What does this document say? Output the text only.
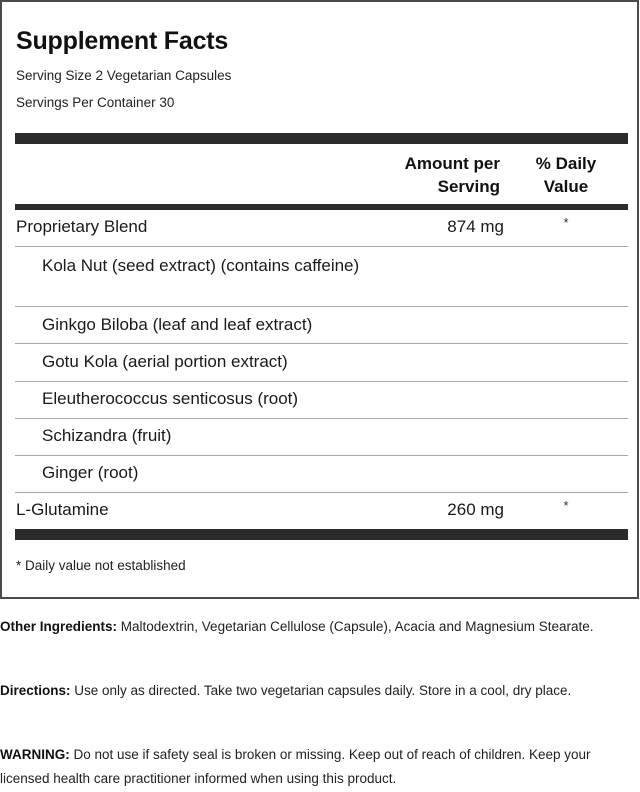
Supplement Facts
Serving Size 2 Vegetarian Capsules
Servings Per Container 30
Amount per
Serving
% Daily
Value
Proprietary Blend	874 mg	*
Kola Nut (seed extract) (contains caffeine)
Ginkgo Biloba (leaf and leaf extract)
Gotu Kola (aerial portion extract)
Eleutherococcus senticosus (root)
Schizandra (fruit)
Ginger (root)
L-Glutamine	260 mg	*
* Daily value not established
Other Ingredients: Maltodextrin, Vegetarian Cellulose (Capsule), Acacia and Magnesium Stearate.
Directions: Use only as directed. Take two vegetarian capsules daily. Store in a cool, dry place.
WARNING: Do not use if safety seal is broken or missing. Keep out of reach of children. Keep your licensed health care practitioner informed when using this product.
